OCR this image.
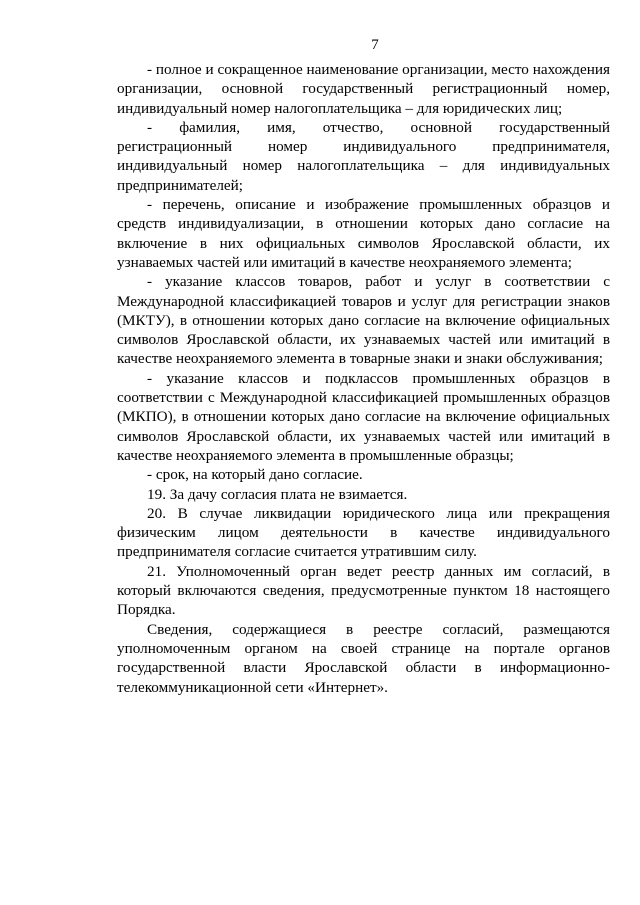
7

- полное и сокращенное наименование организации, место нахождения организации, основной государственный регистрационный номер, индивидуальный номер налогоплательщика – для юридических лиц;

- фамилия, имя, отчество, основной государственный регистрационный номер индивидуального предпринимателя, индивидуальный номер налогоплательщика – для индивидуальных предпринимателей;

- перечень, описание и изображение промышленных образцов и средств индивидуализации, в отношении которых дано согласие на включение в них официальных символов Ярославской области, их узнаваемых частей или имитаций в качестве неохраняемого элемента;

- указание классов товаров, работ и услуг в соответствии с Международной классификацией товаров и услуг для регистрации знаков (МКТУ), в отношении которых дано согласие на включение официальных символов Ярославской области, их узнаваемых частей или имитаций в качестве неохраняемого элемента в товарные знаки и знаки обслуживания;

- указание классов и подклассов промышленных образцов в соответствии с Международной классификацией промышленных образцов (МКПО), в отношении которых дано согласие на включение официальных символов Ярославской области, их узнаваемых частей или имитаций в качестве неохраняемого элемента в промышленные образцы;

- срок, на который дано согласие.

19. За дачу согласия плата не взимается.

20. В случае ликвидации юридического лица или прекращения физическим лицом деятельности в качестве индивидуального предпринимателя согласие считается утратившим силу.

21. Уполномоченный орган ведет реестр данных им согласий, в который включаются сведения, предусмотренные пунктом 18 настоящего Порядка.

Сведения, содержащиеся в реестре согласий, размещаются уполномоченным органом на своей странице на портале органов государственной власти Ярославской области в информационно-телекоммуникационной сети «Интернет».
